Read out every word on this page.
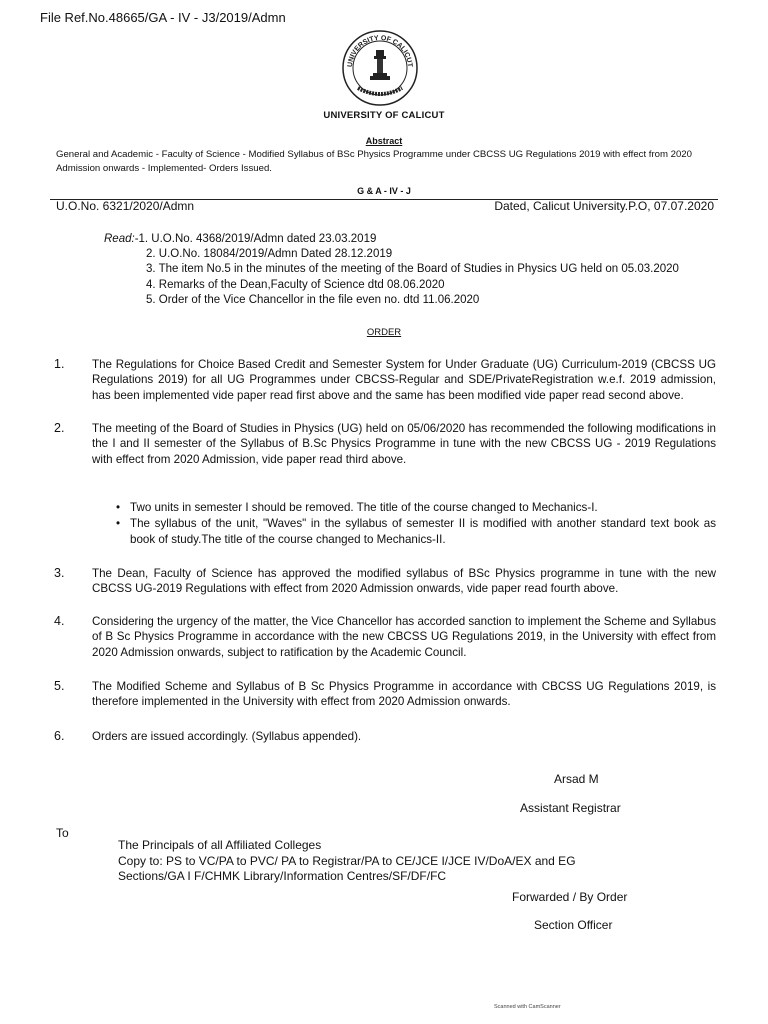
File Ref.No.48665/GA - IV - J3/2019/Admn
UNIVERSITY OF CALICUT
UNIVERSITY OF CALICUT
Abstract
General and Academic - Faculty of Science - Modified Syllabus of BSc Physics Programme under CBCSS UG Regulations 2019 with effect from 2020 Admission onwards - Implemented- Orders Issued.
G & A - IV - J
U.O.No. 6321/2020/Admn	Dated, Calicut University.P.O, 07.07.2020
Read:-1. U.O.No. 4368/2019/Admn dated 23.03.2019
2. U.O.No. 18084/2019/Admn Dated 28.12.2019
3. The item No.5 in the minutes of the meeting of the Board of Studies in Physics UG held on 05.03.2020
4. Remarks of the Dean,Faculty of Science dtd 08.06.2020
5. Order of the Vice Chancellor in the file even no. dtd 11.06.2020
ORDER
1. The Regulations for Choice Based Credit and Semester System for Under Graduate (UG) Curriculum-2019 (CBCSS UG Regulations 2019) for all UG Programmes under CBCSS-Regular and SDE/PrivateRegistration w.e.f. 2019 admission, has been implemented vide paper read first above and the same has been modified vide paper read second above.
2. The meeting of the Board of Studies in Physics (UG) held on 05/06/2020 has recommended the following modifications in the I and II semester of the Syllabus of B.Sc Physics Programme in tune with the new CBCSS UG - 2019 Regulations with effect from 2020 Admission, vide paper read third above.
• Two units in semester I should be removed. The title of the course changed to Mechanics-I.
• The syllabus of the unit, "Waves" in the syllabus of semester II is modified with another standard text book as book of study.The title of the course changed to Mechanics-II.
3. The Dean, Faculty of Science has approved the modified syllabus of BSc Physics programme in tune with the new CBCSS UG-2019 Regulations with effect from 2020 Admission onwards, vide paper read fourth above.
4. Considering the urgency of the matter, the Vice Chancellor has accorded sanction to implement the Scheme and Syllabus of B Sc Physics Programme in accordance with the new CBCSS UG Regulations 2019, in the University with effect from 2020 Admission onwards, subject to ratification by the Academic Council.
5. The Modified Scheme and Syllabus of B Sc Physics Programme in accordance with CBCSS UG Regulations 2019, is therefore implemented in the University with effect from 2020 Admission onwards.
6. Orders are issued accordingly. (Syllabus appended).
Arsad M
Assistant Registrar
To
The Principals of all Affiliated Colleges
Copy to: PS to VC/PA to PVC/ PA to Registrar/PA to CE/JCE I/JCE IV/DoA/EX and EG
Sections/GA I F/CHMK Library/Information Centres/SF/DF/FC
Forwarded / By Order
Section Officer
Scanned with CamScanner
